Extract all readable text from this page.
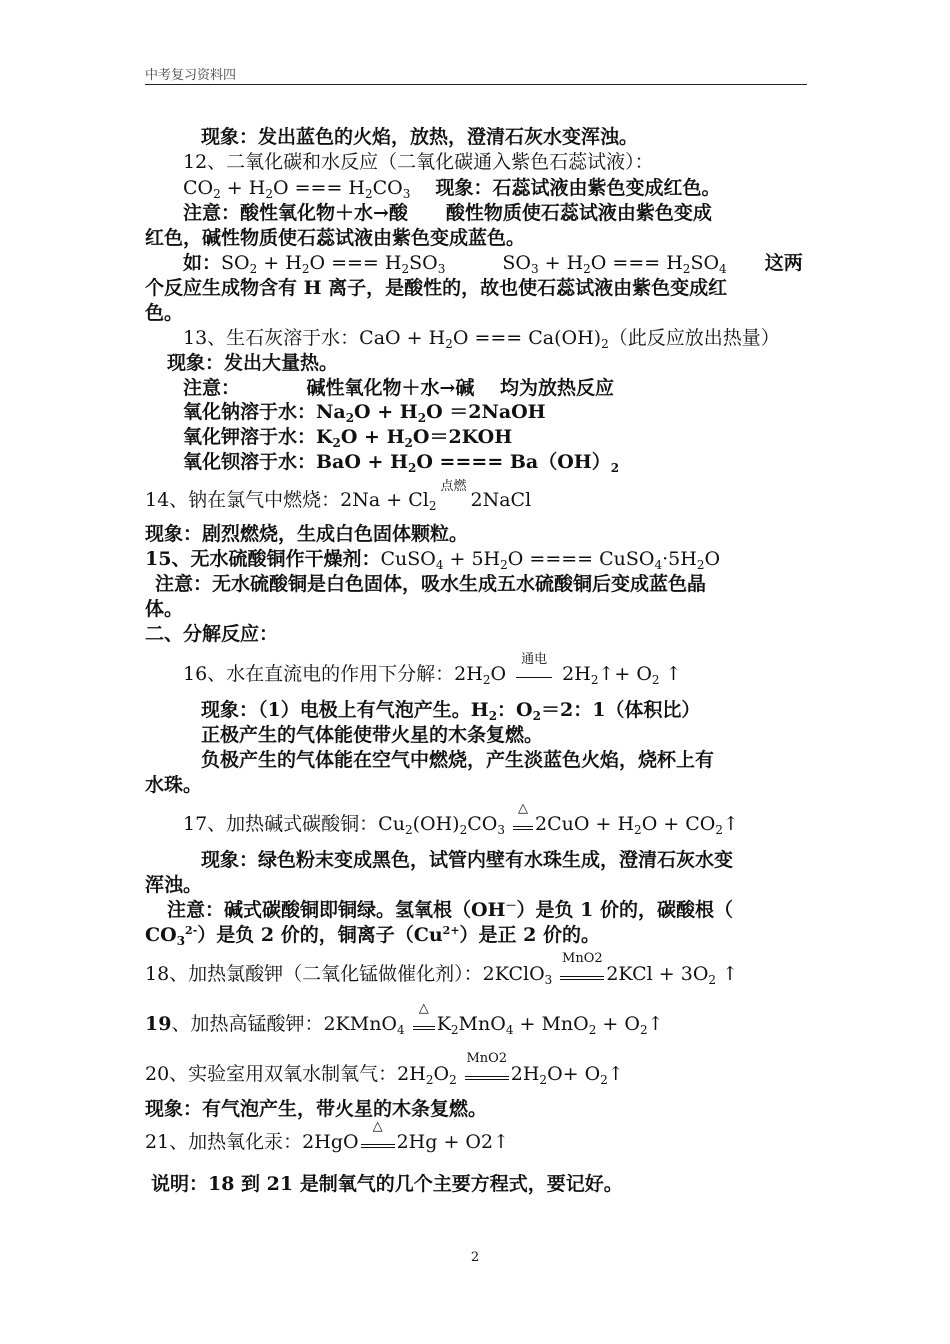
中考复习资料四
现象：发出蓝色的火焰，放热，澄清石灰水变浑浊。
12、二氧化碳和水反应（二氧化碳通入紫色石蕊试液）：
$CO_2 + H_2O$ === $H_2CO_3$　 现象：石蕊试液由紫色变成红色。
注意：酸性氧化物＋水→酸　　酸性物质使石蕊试液由紫色变成
红色，碱性物质使石蕊试液由紫色变成蓝色。
如：$SO_2 + H_2O$ === $H_2SO_3$　　　$SO_3 + H_2O$ === $H_2SO_4$　　 这两
个反应生成物含有 H 离子，是酸性的，故也使石蕊试液由紫色变成红
色。
13、生石灰溶于水：CaO + $H_2O$ === $Ca(OH)_2$（此反应放出热量）
现象：发出大量热。
注意：　　　　碱性氧化物＋水→碱　 均为放热反应
氧化钠溶于水：$Na_2O + H_2O$ ＝2NaOH
氧化钾溶于水：$K_2O + H_2O=2KOH$
氧化钡溶于水：BaO + $H_2O$ ==== $Ba(OH)_2$
14、钠在氯气中燃烧：$2Na + Cl_2$
点燃
2NaCl
现象：剧烈燃烧，生成白色固体颗粒。
15、无水硫酸铜作干燥剂：CuSO$_4$ + $5H_2O$ ==== $CuSO_4\cdot 5H_2O$
注意：无水硫酸铜是白色固体，吸水生成五水硫酸铜后变成蓝色晶
体。
二、分解反应：
16、水在直流电的作用下分解：$2H_2O$
通电
$2H_2↑+ O_2$ ↑
现象：（1）电极上有气泡产生。$H_2$：$O_2=2$：1（体积比）
正极产生的气体能使带火星的木条复燃。
负极产生的气体能在空气中燃烧，产生淡蓝色火焰，烧杯上有
水珠。
17、加热碱式碳酸铜：$Cu_2(OH)_2CO_3$
△
$2CuO + H_2O$ + $CO_2↑$
现象：绿色粉末变成黑色，试管内壁有水珠生成，澄清石灰水变
浑浊。
注意：碱式碳酸铜即铜绿。氢氧根（OH－）是负 1 价的，碳酸根（
$CO_3^{2-}$）是负 2 价的，铜离子$(Cu^{2+})$是正 2 价的。
18、加热氯酸钾（二氧化锰做催化剂）：2KClO$_3$
MnO2
$2KCl + 3O_2$ ↑
19、加热高锰酸钾：2KMnO$_4$
△
$K_2MnO_4 + MnO_2$ + $O_2↑$
20、实验室用双氧水制氧气：$2H_2O_2$
MnO2
$2H_2O+$ $O_2↑$
现象：有气泡产生，带火星的木条复燃。
21、加热氧化汞：2HgO
△
2Hg + O2↑
说明：18 到 21 是制氧气的几个主要方程式，要记好。
2
